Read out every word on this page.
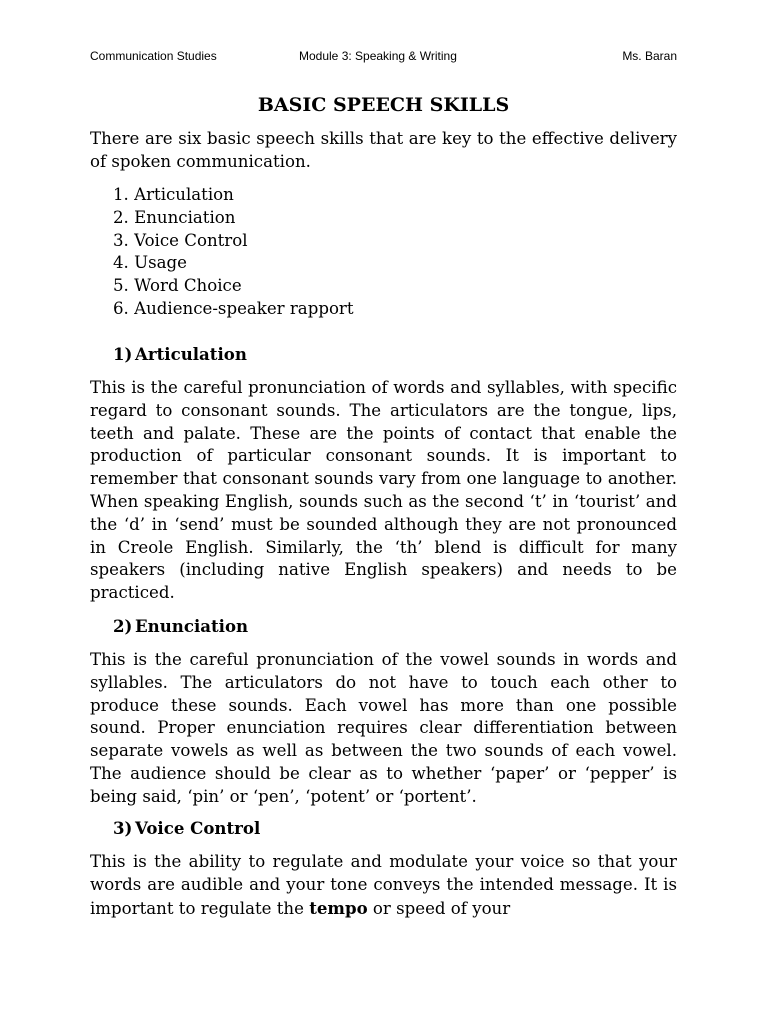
Communication Studies	Module 3: Speaking & Writing	Ms. Baran
BASIC SPEECH SKILLS

There are six basic speech skills that are key to the effective delivery of spoken communication.

1. Articulation
2. Enunciation
3. Voice Control
4. Usage
5. Word Choice
6. Audience-speaker rapport
1) Articulation

This is the careful pronunciation of words and syllables, with specific regard to consonant sounds. The articulators are the tongue, lips, teeth and palate. These are the points of contact that enable the production of particular consonant sounds. It is important to remember that consonant sounds vary from one language to another. When speaking English, sounds such as the second ‘t’ in ‘tourist’ and the ‘d’ in ‘send’ must be sounded although they are not pronounced in Creole English. Similarly, the ‘th’ blend is difficult for many speakers (including native English speakers) and needs to be practiced.

2) Enunciation

This is the careful pronunciation of the vowel sounds in words and syllables. The articulators do not have to touch each other to produce these sounds. Each vowel has more than one possible sound. Proper enunciation requires clear differentiation between separate vowels as well as between the two sounds of each vowel. The audience should be clear as to whether ‘paper’ or ‘pepper’ is being said, ‘pin’ or ‘pen’, ‘potent’ or ‘portent’.

3) Voice Control

This is the ability to regulate and modulate your voice so that your words are audible and your tone conveys the intended message. It is important to regulate the tempo or speed of your
